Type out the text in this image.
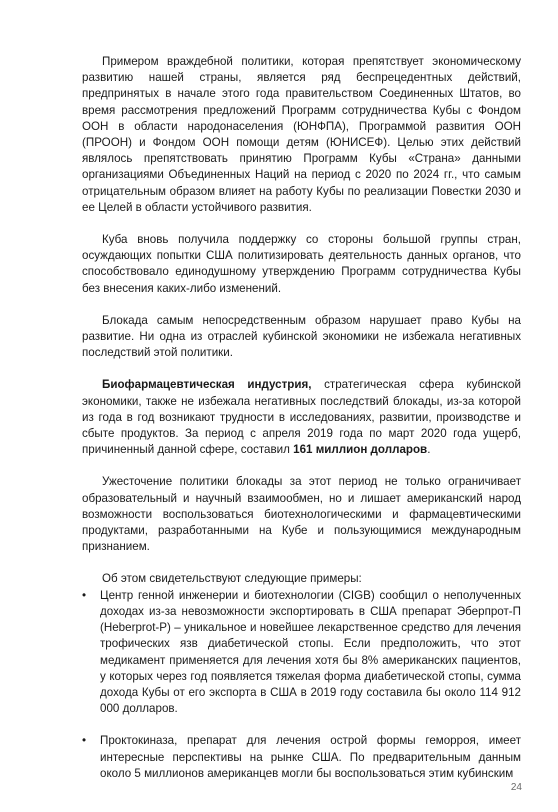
Примером враждебной политики, которая препятствует экономическому развитию нашей страны, является ряд беспрецедентных действий, предпринятых в начале этого года правительством Соединенных Штатов, во время рассмотрения предложений Программ сотрудничества Кубы с Фондом ООН в области народонаселения (ЮНФПА), Программой развития ООН (ПРООН) и Фондом ООН помощи детям (ЮНИСЕФ). Целью этих действий являлось препятствовать принятию Программ Кубы «Страна» данными организациями Объединенных Наций на период с 2020 по 2024 гг., что самым отрицательным образом влияет на работу Кубы по реализации Повестки 2030 и ее Целей в области устойчивого развития.

Куба вновь получила поддержку со стороны большой группы стран, осуждающих попытки США политизировать деятельность данных органов, что способствовало единодушному утверждению Программ сотрудничества Кубы без внесения каких-либо изменений.

Блокада самым непосредственным образом нарушает право Кубы на развитие. Ни одна из отраслей кубинской экономики не избежала негативных последствий этой политики.

Биофармацевтическая индустрия, стратегическая сфера кубинской экономики, также не избежала негативных последствий блокады, из-за которой из года в год возникают трудности в исследованиях, развитии, производстве и сбыте продуктов. За период с апреля 2019 года по март 2020 года ущерб, причиненный данной сфере, составил 161 миллион долларов.

Ужесточение политики блокады за этот период не только ограничивает образовательный и научный взаимообмен, но и лишает американский народ возможности воспользоваться биотехнологическими и фармацевтическими продуктами, разработанными на Кубе и пользующимися международным признанием.

Об этом свидетельствуют следующие примеры:

• Центр генной инженерии и биотехнологии (CIGB) сообщил о неполученных доходах из-за невозможности экспортировать в США препарат Эберпрот-П (Heberprot-P) – уникальное и новейшее лекарственное средство для лечения трофических язв диабетической стопы. Если предположить, что этот медикамент применяется для лечения хотя бы 8% американских пациентов, у которых через год появляется тяжелая форма диабетической стопы, сумма дохода Кубы от его экспорта в США в 2019 году составила бы около 114 912 000 долларов.
• Проктокиназа, препарат для лечения острой формы геморроя, имеет интересные перспективы на рынке США. По предварительным данным около 5 миллионов американцев могли бы воспользоваться этим кубинским
24
